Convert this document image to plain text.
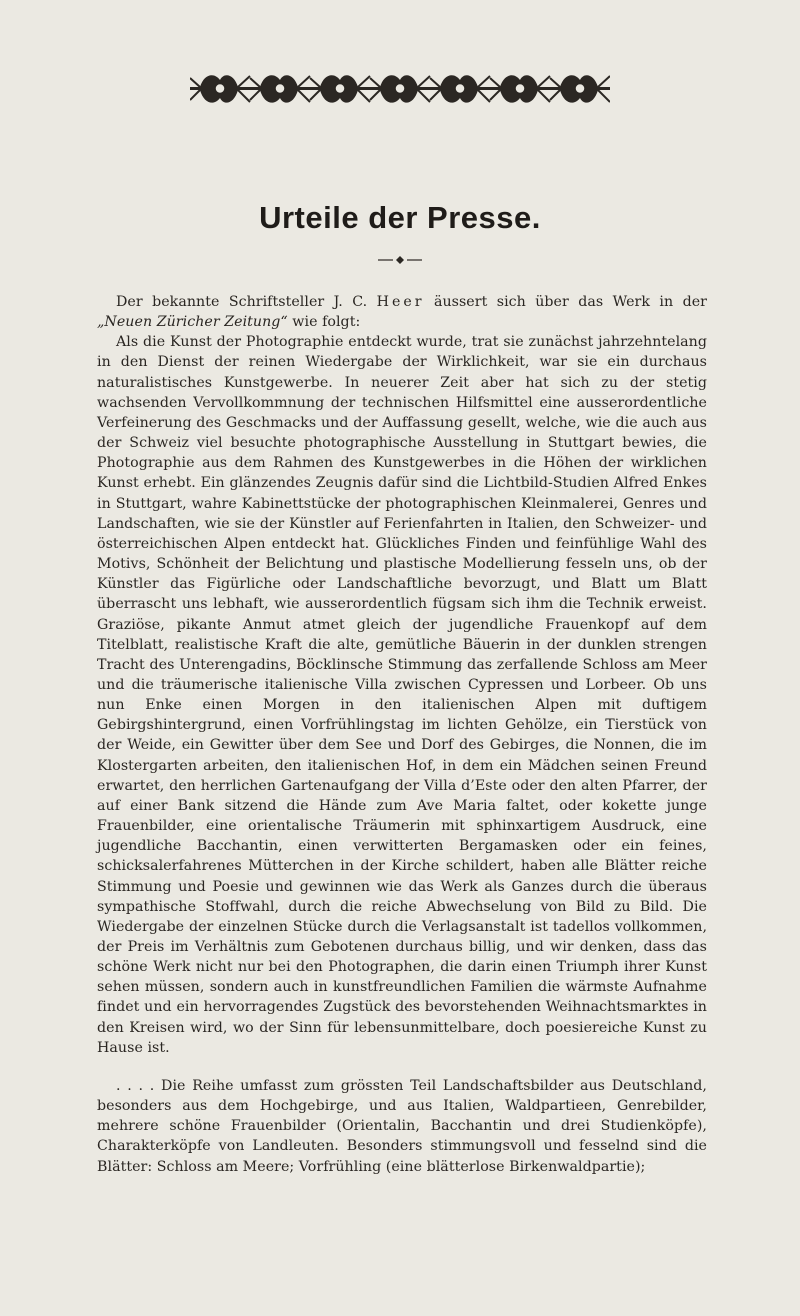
Urteile der Presse.

Der bekannte Schriftsteller J. C. Heer äussert sich über das Werk in der „Neuen Züricher Zeitung“ wie folgt:

Als die Kunst der Photographie entdeckt wurde, trat sie zunächst jahrzehntelang in den Dienst der reinen Wiedergabe der Wirklichkeit, war sie ein durchaus naturalistisches Kunstgewerbe. In neuerer Zeit aber hat sich zu der stetig wachsenden Vervollkommnung der technischen Hilfsmittel eine ausserordentliche Verfeinerung des Geschmacks und der Auffassung gesellt, welche, wie die auch aus der Schweiz viel besuchte photographische Ausstellung in Stuttgart bewies, die Photographie aus dem Rahmen des Kunstgewerbes in die Höhen der wirklichen Kunst erhebt. Ein glänzendes Zeugnis dafür sind die Lichtbild-Studien Alfred Enkes in Stuttgart, wahre Kabinettstücke der photographischen Kleinmalerei, Genres und Landschaften, wie sie der Künstler auf Ferienfahrten in Italien, den Schweizer- und österreichischen Alpen entdeckt hat. Glückliches Finden und feinfühlige Wahl des Motivs, Schönheit der Belichtung und plastische Modellierung fesseln uns, ob der Künstler das Figürliche oder Landschaftliche bevorzugt, und Blatt um Blatt überrascht uns lebhaft, wie ausserordentlich fügsam sich ihm die Technik erweist. Graziöse, pikante Anmut atmet gleich der jugendliche Frauenkopf auf dem Titelblatt, realistische Kraft die alte, gemütliche Bäuerin in der dunklen strengen Tracht des Unterengadins, Böcklinsche Stimmung das zerfallende Schloss am Meer und die träumerische italienische Villa zwischen Cypressen und Lorbeer. Ob uns nun Enke einen Morgen in den italienischen Alpen mit duftigem Gebirgshintergrund, einen Vorfrühlingstag im lichten Gehölze, ein Tierstück von der Weide, ein Gewitter über dem See und Dorf des Gebirges, die Nonnen, die im Klostergarten arbeiten, den italienischen Hof, in dem ein Mädchen seinen Freund erwartet, den herrlichen Gartenaufgang der Villa d’Este oder den alten Pfarrer, der auf einer Bank sitzend die Hände zum Ave Maria faltet, oder kokette junge Frauenbilder, eine orientalische Träumerin mit sphinxartigem Ausdruck, eine jugendliche Bacchantin, einen verwitterten Bergamasken oder ein feines, schicksalerfahrenes Mütterchen in der Kirche schildert, haben alle Blätter reiche Stimmung und Poesie und gewinnen wie das Werk als Ganzes durch die überaus sympathische Stoffwahl, durch die reiche Abwechselung von Bild zu Bild. Die Wiedergabe der einzelnen Stücke durch die Verlagsanstalt ist tadellos vollkommen, der Preis im Verhältnis zum Gebotenen durchaus billig, und wir denken, dass das schöne Werk nicht nur bei den Photographen, die darin einen Triumph ihrer Kunst sehen müssen, sondern auch in kunstfreundlichen Familien die wärmste Aufnahme findet und ein hervorragendes Zugstück des bevorstehenden Weihnachtsmarktes in den Kreisen wird, wo der Sinn für lebensunmittelbare, doch poesiereiche Kunst zu Hause ist.

. . . . Die Reihe umfasst zum grössten Teil Landschaftsbilder aus Deutschland, besonders aus dem Hochgebirge, und aus Italien, Waldpartieen, Genrebilder, mehrere schöne Frauenbilder (Orientalin, Bacchantin und drei Studienköpfe), Charakterköpfe von Landleuten. Besonders stimmungsvoll und fesselnd sind die Blätter: Schloss am Meere; Vorfrühling (eine blätterlose Birkenwaldpartie);
